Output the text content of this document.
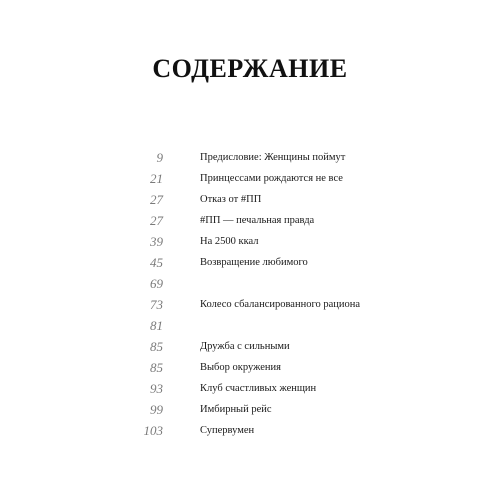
СОДЕРЖАНИЕ
9	Предисловие: Женщины поймут
21	Принцессами рождаются не все
27	Отказ от #ПП
27	#ПП — печальная правда
39	На 2500 ккал
45	Возвращение любимого
69
73	Колесо сбалансированного рациона
81
85	Дружба с сильными
85	Выбор окружения
93	Клуб счастливых женщин
99	Имбирный рейс
103	Супервумен
